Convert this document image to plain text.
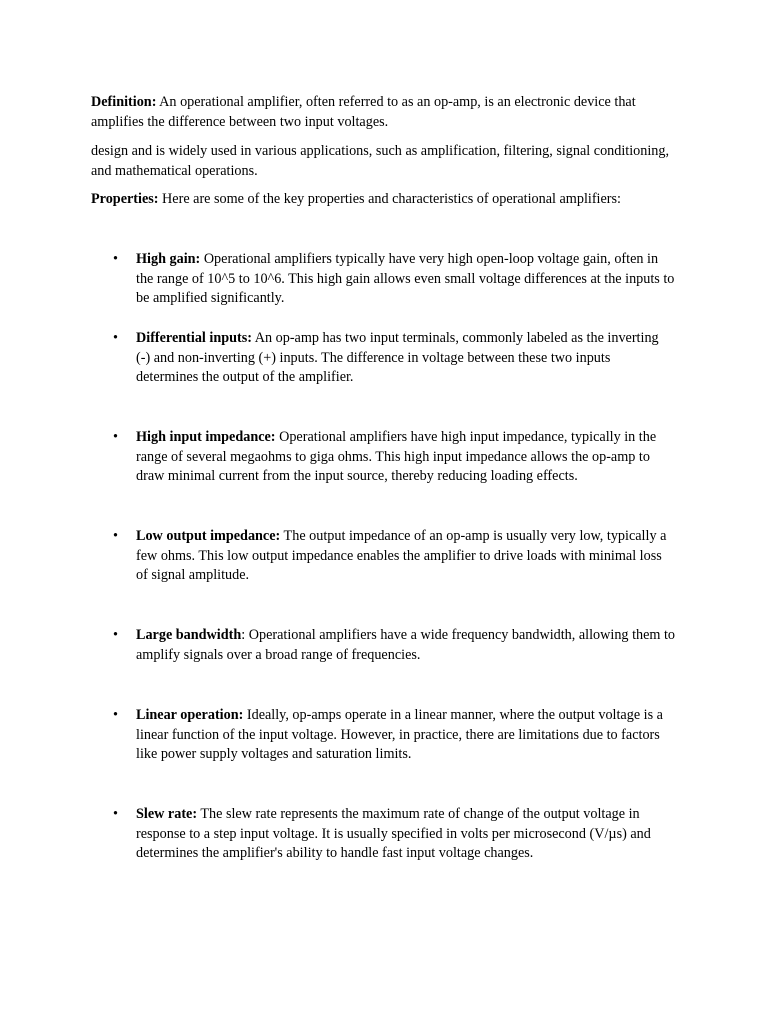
Definition: An operational amplifier, often referred to as an op-amp, is an electronic device that amplifies the difference between two input voltages.

design and is widely used in various applications, such as amplification, filtering, signal conditioning, and mathematical operations.

Properties: Here are some of the key properties and characteristics of operational amplifiers:

• High gain: Operational amplifiers typically have very high open-loop voltage gain, often in the range of 10^5 to 10^6. This high gain allows even small voltage differences at the inputs to be amplified significantly.
• Differential inputs: An op-amp has two input terminals, commonly labeled as the inverting (-) and non-inverting (+) inputs. The difference in voltage between these two inputs determines the output of the amplifier.
• High input impedance: Operational amplifiers have high input impedance, typically in the range of several megaohms to giga ohms. This high input impedance allows the op-amp to draw minimal current from the input source, thereby reducing loading effects.
• Low output impedance: The output impedance of an op-amp is usually very low, typically a few ohms. This low output impedance enables the amplifier to drive loads with minimal loss of signal amplitude.
• Large bandwidth: Operational amplifiers have a wide frequency bandwidth, allowing them to amplify signals over a broad range of frequencies.
• Linear operation: Ideally, op-amps operate in a linear manner, where the output voltage is a linear function of the input voltage. However, in practice, there are limitations due to factors like power supply voltages and saturation limits.
• Slew rate: The slew rate represents the maximum rate of change of the output voltage in response to a step input voltage. It is usually specified in volts per microsecond (V/µs) and determines the amplifier's ability to handle fast input voltage changes.
